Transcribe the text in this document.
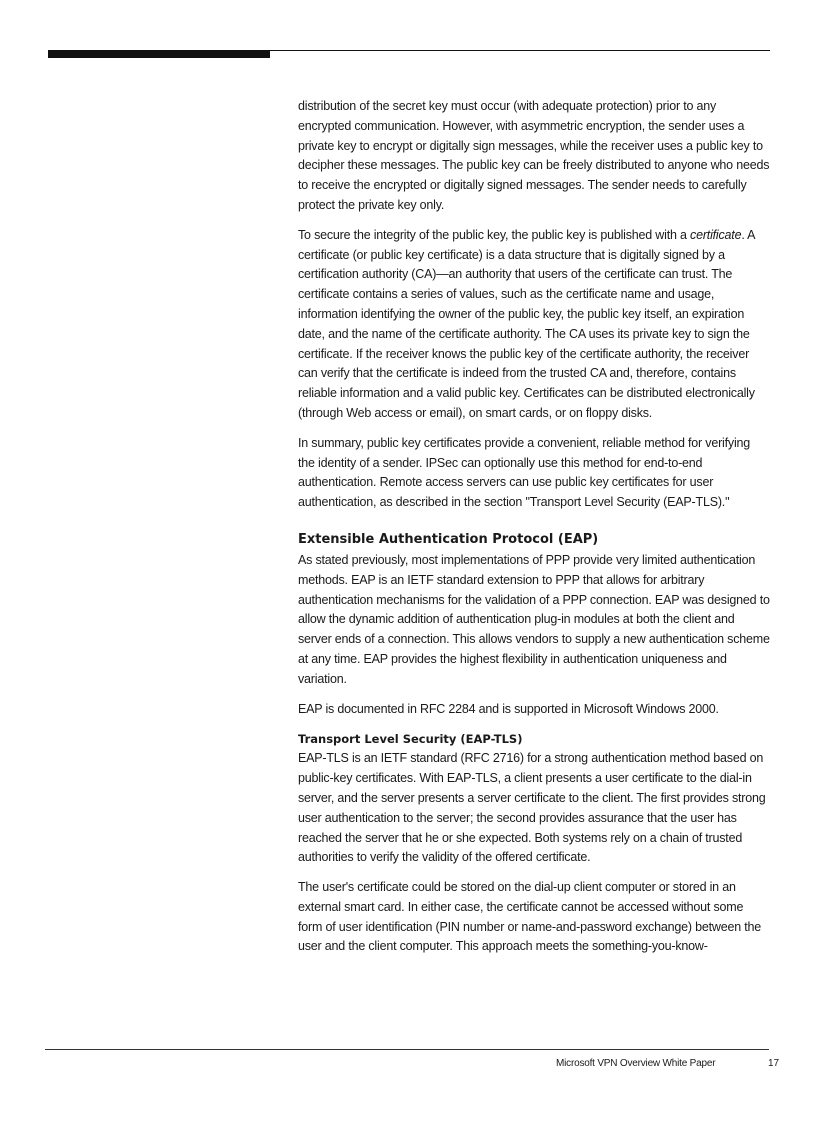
distribution of the secret key must occur (with adequate protection) prior to any encrypted communication. However, with asymmetric encryption, the sender uses a private key to encrypt or digitally sign messages, while the receiver uses a public key to decipher these messages. The public key can be freely distributed to anyone who needs to receive the encrypted or digitally signed messages. The sender needs to carefully protect the private key only.

To secure the integrity of the public key, the public key is published with a certificate. A certificate (or public key certificate) is a data structure that is digitally signed by a certification authority (CA)—an authority that users of the certificate can trust. The certificate contains a series of values, such as the certificate name and usage, information identifying the owner of the public key, the public key itself, an expiration date, and the name of the certificate authority. The CA uses its private key to sign the certificate. If the receiver knows the public key of the certificate authority, the receiver can verify that the certificate is indeed from the trusted CA and, therefore, contains reliable information and a valid public key. Certificates can be distributed electronically (through Web access or email), on smart cards, or on floppy disks.

In summary, public key certificates provide a convenient, reliable method for verifying the identity of a sender. IPSec can optionally use this method for end-to-end authentication. Remote access servers can use public key certificates for user authentication, as described in the section "Transport Level Security (EAP-TLS)."

Extensible Authentication Protocol (EAP)

As stated previously, most implementations of PPP provide very limited authentication methods. EAP is an IETF standard extension to PPP that allows for arbitrary authentication mechanisms for the validation of a PPP connection. EAP was designed to allow the dynamic addition of authentication plug-in modules at both the client and server ends of a connection. This allows vendors to supply a new authentication scheme at any time. EAP provides the highest flexibility in authentication uniqueness and variation.

EAP is documented in RFC 2284 and is supported in Microsoft Windows 2000.

Transport Level Security (EAP-TLS)

EAP-TLS is an IETF standard (RFC 2716) for a strong authentication method based on public-key certificates. With EAP-TLS, a client presents a user certificate to the dial-in server, and the server presents a server certificate to the client. The first provides strong user authentication to the server; the second provides assurance that the user has reached the server that he or she expected. Both systems rely on a chain of trusted authorities to verify the validity of the offered certificate.

The user's certificate could be stored on the dial-up client computer or stored in an external smart card. In either case, the certificate cannot be accessed without some form of user identification (PIN number or name-and-password exchange) between the user and the client computer. This approach meets the something-you-know-

Microsoft VPN Overview White Paper	17
